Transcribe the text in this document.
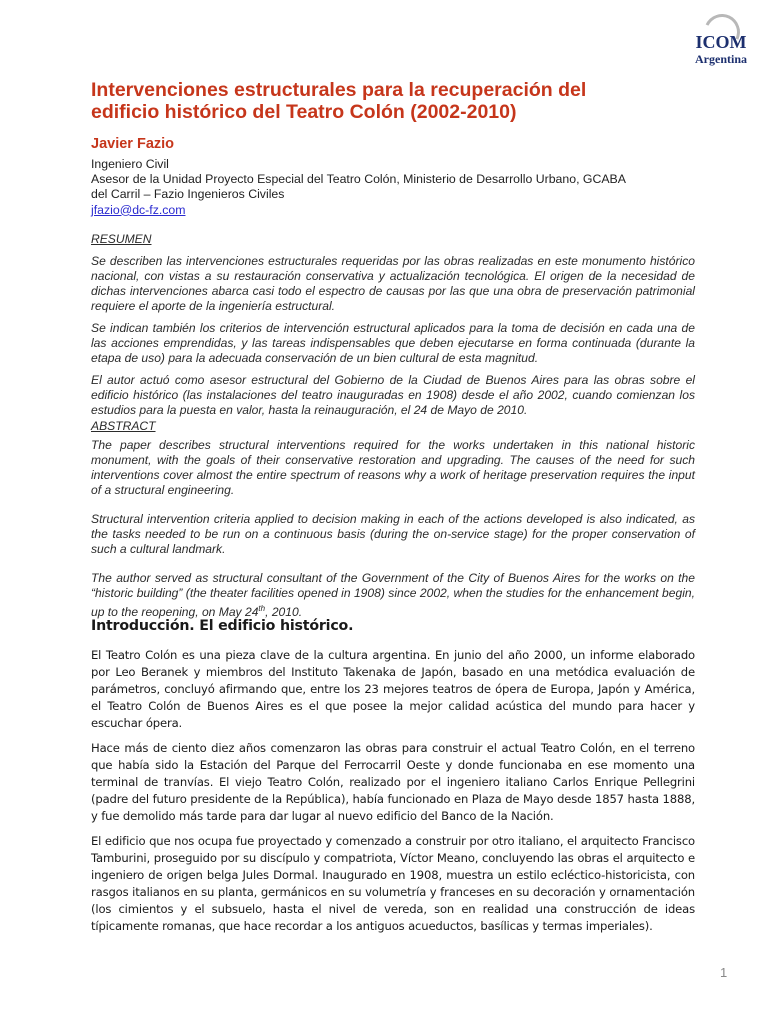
ICOM
Argentina
Intervenciones estructurales para la recuperación del edificio histórico del Teatro Colón (2002-2010)

Javier Fazio

Ingeniero Civil
Asesor de la Unidad Proyecto Especial del Teatro Colón, Ministerio de Desarrollo Urbano, GCABA
del Carril – Fazio Ingenieros Civiles
jfazio@dc-fz.com

RESUMEN

Se describen las intervenciones estructurales requeridas por las obras realizadas en este monumento histórico nacional, con vistas a su restauración conservativa y actualización tecnológica. El origen de la necesidad de dichas intervenciones abarca casi todo el espectro de causas por las que una obra de preservación patrimonial requiere el aporte de la ingeniería estructural.

Se indican también los criterios de intervención estructural aplicados para la toma de decisión en cada una de las acciones emprendidas, y las tareas indispensables que deben ejecutarse en forma continuada (durante la etapa de uso) para la adecuada conservación de un bien cultural de esta magnitud.

El autor actuó como asesor estructural del Gobierno de la Ciudad de Buenos Aires para las obras sobre el edificio histórico (las instalaciones del teatro inauguradas en 1908) desde el año 2002, cuando comienzan los estudios para la puesta en valor, hasta la reinauguración, el 24 de Mayo de 2010.

ABSTRACT

The paper describes structural interventions required for the works undertaken in this national historic monument, with the goals of their conservative restoration and upgrading. The causes of the need for such interventions cover almost the entire spectrum of reasons why a work of heritage preservation requires the input of a structural engineering.

Structural intervention criteria applied to decision making in each of the actions developed is also indicated, as the tasks needed to be run on a continuous basis (during the on-service stage) for the proper conservation of such a cultural landmark.

The author served as structural consultant of the Government of the City of Buenos Aires for the works on the “historic building” (the theater facilities opened in 1908) since 2002, when the studies for the enhancement begin, up to the reopening, on May 24th, 2010.

Introducción. El edificio histórico.

El Teatro Colón es una pieza clave de la cultura argentina. En junio del año 2000, un informe elaborado por Leo Beranek y miembros del Instituto Takenaka de Japón, basado en una metódica evaluación de parámetros, concluyó afirmando que, entre los 23 mejores teatros de ópera de Europa, Japón y América, el Teatro Colón de Buenos Aires es el que posee la mejor calidad acústica del mundo para hacer y escuchar ópera.

Hace más de ciento diez años comenzaron las obras para construir el actual Teatro Colón, en el terreno que había sido la Estación del Parque del Ferrocarril Oeste y donde funcionaba en ese momento una terminal de tranvías. El viejo Teatro Colón, realizado por el ingeniero italiano Carlos Enrique Pellegrini (padre del futuro presidente de la República), había funcionado en Plaza de Mayo desde 1857 hasta 1888, y fue demolido más tarde para dar lugar al nuevo edificio del Banco de la Nación.

El edificio que nos ocupa fue proyectado y comenzado a construir por otro italiano, el arquitecto Francisco Tamburini, proseguido por su discípulo y compatriota, Víctor Meano, concluyendo las obras el arquitecto e ingeniero de origen belga Jules Dormal. Inaugurado en 1908, muestra un estilo ecléctico-historicista, con rasgos italianos en su planta, germánicos en su volumetría y franceses en su decoración y ornamentación (los cimientos y el subsuelo, hasta el nivel de vereda, son en realidad una construcción de ideas típicamente romanas, que hace recordar a los antiguos acueductos, basílicas y termas imperiales).

1
